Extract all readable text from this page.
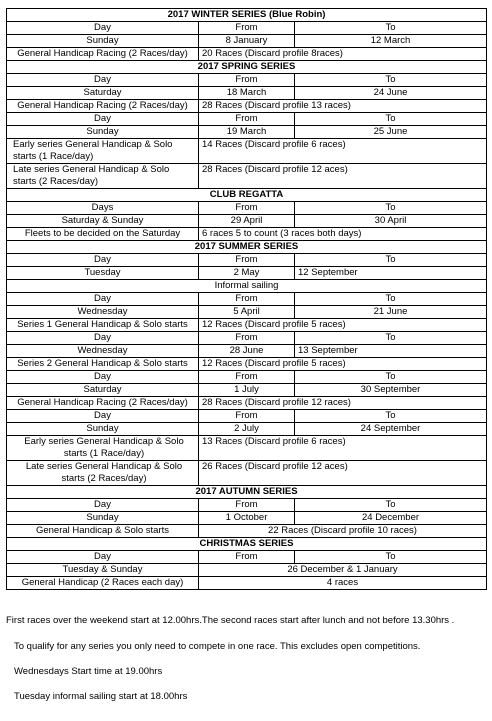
2017 WINTER SERIES (Blue Robin)		
Day	From	To
Sunday	8 January	12 March
General Handicap Racing (2 Races/day)	20 Races (Discard profile 8races)	
2017 SPRING SERIES		
Day	From	To
Saturday	18 March	24 June
General Handicap Racing (2 Races/day)	28 Races (Discard profile 13 races)	
Day	From	To
Sunday	19 March	25 June
Early series General Handicap & Solo starts (1 Race/day)	14 Races (Discard profile 6 races)	
Late series General Handicap & Solo starts (2 Races/day)	28 Races (Discard profile 12 aces)	
CLUB REGATTA		
Days	From	To
Saturday & Sunday	29 April	30 April
Fleets to be decided on the Saturday	6 races 5 to count (3 races both days)	
2017 SUMMER SERIES		
Day	From	To
Tuesday	2 May	12 September
Informal sailing		
Day	From	To
Wednesday	5 April	21 June
Series 1 General Handicap & Solo starts	12 Races (Discard profile 5 races)	
Day	From	To
Wednesday	28 June	13 September
Series 2 General Handicap & Solo starts	12 Races (Discard profile 5 races)	
Day	From	To
Saturday	1 July	30 September
General Handicap Racing (2 Races/day)	28 Races (Discard profile 12 races)	
Day	From	To
Sunday	2 July	24 September
Early series General Handicap & Solo starts (1 Race/day)	13 Races (Discard profile 6 races)	
Late series General Handicap & Solo starts (2 Races/day)	26 Races (Discard profile 12 aces)	
2017 AUTUMN SERIES		
Day	From	To
Sunday	1 October	24 December
General Handicap & Solo starts	22 Races (Discard profile 10 races)	
CHRISTMAS SERIES		
Day	From	To
Tuesday & Sunday	26 December & 1 January	
General Handicap (2 Races each day)	4 races	
First races over the weekend start at 12.00hrs.The second races start after lunch and not before 13.30hrs .
To qualify for any series you only need to compete in one race. This excludes open competitions.
Wednesdays Start time at 19.00hrs
Tuesday informal sailing start at 18.00hrs
